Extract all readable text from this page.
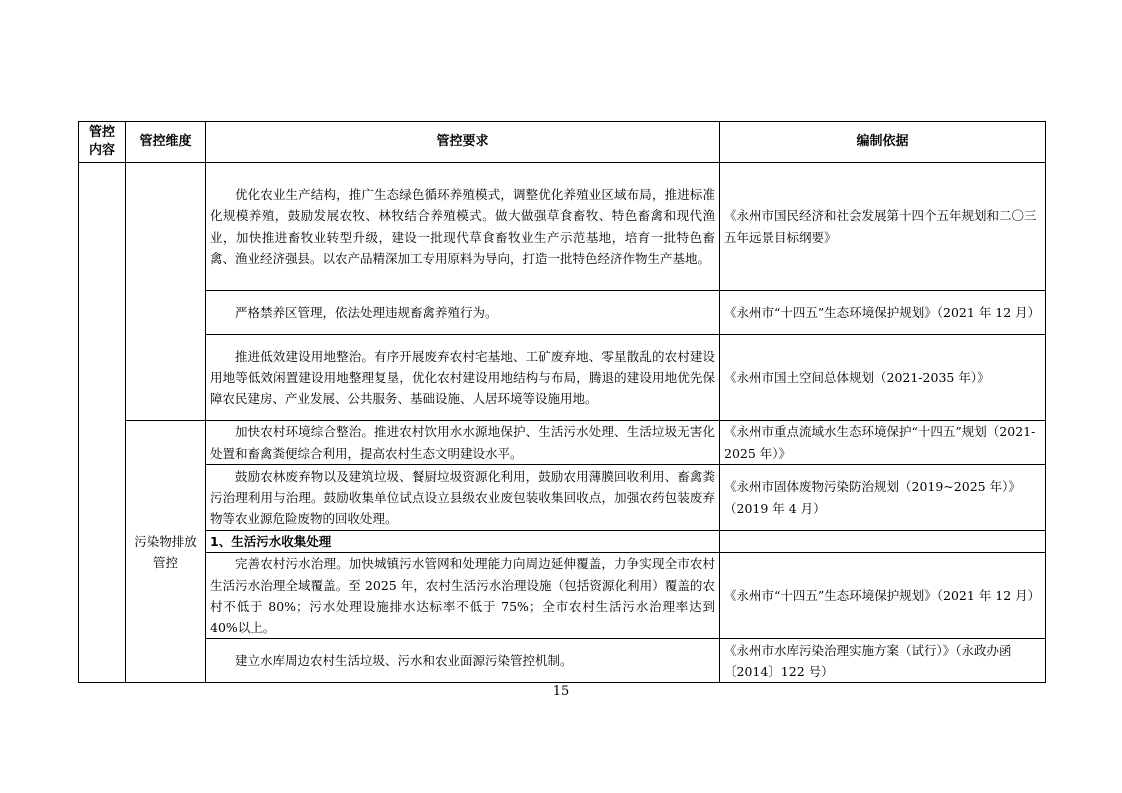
管控内容	管控维度	管控要求	编制依据
		优化农业生产结构，推广生态绿色循环养殖模式，调整优化养殖业区域布局，推进标准化规模养殖，鼓励发展农牧、林牧结合养殖模式。做大做强草食畜牧、特色畜禽和现代渔业，加快推进畜牧业转型升级，建设一批现代草食畜牧业生产示范基地，培育一批特色畜禽、渔业经济强县。以农产品精深加工专用原料为导向，打造一批特色经济作物生产基地。	《永州市国民经济和社会发展第十四个五年规划和二〇三五年远景目标纲要》
		严格禁养区管理，依法处理违规畜禽养殖行为。	《永州市“十四五”生态环境保护规划》（2021 年 12 月）
		推进低效建设用地整治。有序开展废弃农村宅基地、工矿废弃地、零星散乱的农村建设用地等低效闲置建设用地整理复垦，优化农村建设用地结构与布局，腾退的建设用地优先保障农民建房、产业发展、公共服务、基础设施、人居环境等设施用地。	《永州市国土空间总体规划（2021-2035 年）》
	污染物排放管控	加快农村环境综合整治。推进农村饮用水水源地保护、生活污水处理、生活垃圾无害化处置和畜禽粪便综合利用，提高农村生态文明建设水平。	《永州市重点流域水生态环境保护“十四五”规划（2021-2025 年）》
		鼓励农林废弃物以及建筑垃圾、餐厨垃圾资源化利用，鼓励农用薄膜回收利用、畜禽粪污治理利用与治理。鼓励收集单位试点设立县级农业废包装收集回收点，加强农药包装废弃物等农业源危险废物的回收处理。	《永州市固体废物污染防治规划（2019~2025 年）》（2019 年 4 月）
		1、生活污水收集处理	
		完善农村污水治理。加快城镇污水管网和处理能力向周边延伸覆盖，力争实现全市农村生活污水治理全域覆盖。至 2025 年，农村生活污水治理设施（包括资源化利用）覆盖的农村不低于 80%；污水处理设施排水达标率不低于 75%；全市农村生活污水治理率达到 40%以上。	《永州市“十四五”生态环境保护规划》（2021 年 12 月）
		建立水库周边农村生活垃圾、污水和农业面源污染管控机制。	《永州市水库污染治理实施方案（试行）》（永政办函〔2014〕122 号）
15
